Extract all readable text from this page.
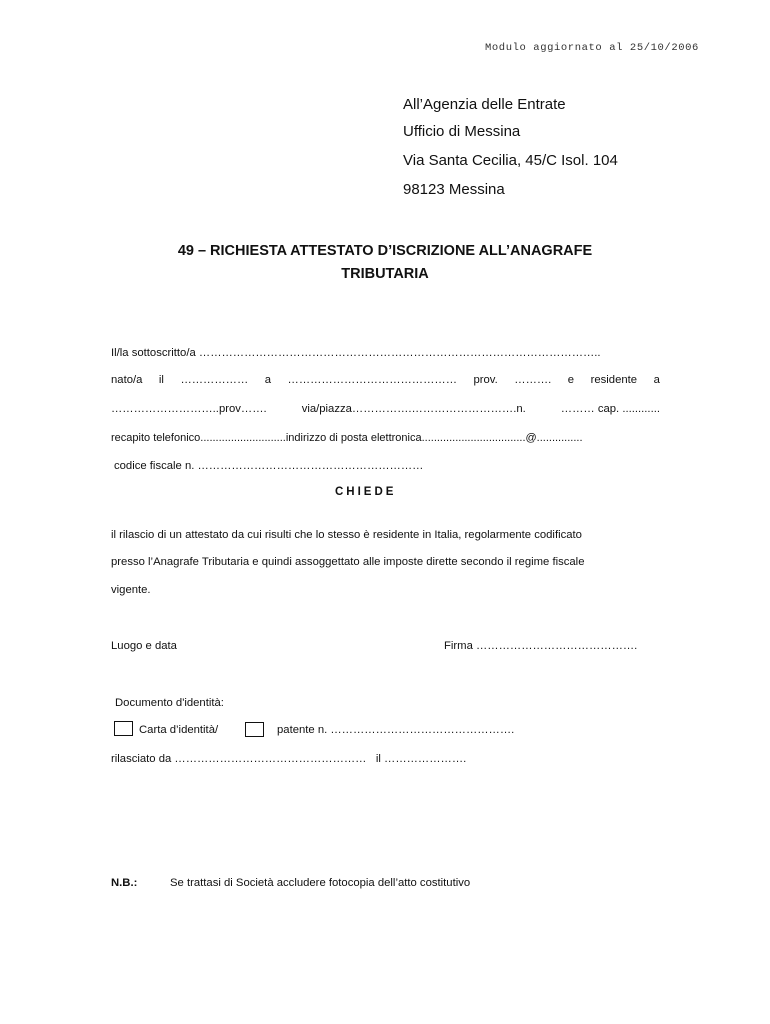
Modulo aggiornato al 25/10/2006
All’Agenzia delle Entrate
Ufficio di Messina
Via Santa Cecilia, 45/C Isol. 104
98123 Messina
49 – RICHIESTA ATTESTATO D’ISCRIZIONE ALL’ANAGRAFE
TRIBUTARIA
Il/la sottoscritto/a ……………………………………………………………………………………………..
nato/a il ……………… a ……………………………………… prov. ………. e residente a
………………………..prov…….	via/piazza…………….……………………….n.	……… cap. ............
recapito telefonico............................indirizzo di posta elettronica..................................@...............
codice fiscale n. ……………………………………………………
CHIEDE
il rilascio di un attestato da cui risulti che lo stesso è residente in Italia, regolarmente codificato
presso l’Anagrafe Tributaria e quindi assoggettato alle imposte dirette secondo il regime fiscale
vigente.
Luogo e data	Firma …………………………………….
Documento d'identità:
Carta d’identità/	patente n. ………………………………………….
rilasciato da ……………………………………………   il ………………….
N.B.:	Se trattasi di Società accludere fotocopia dell’atto costitutivo
